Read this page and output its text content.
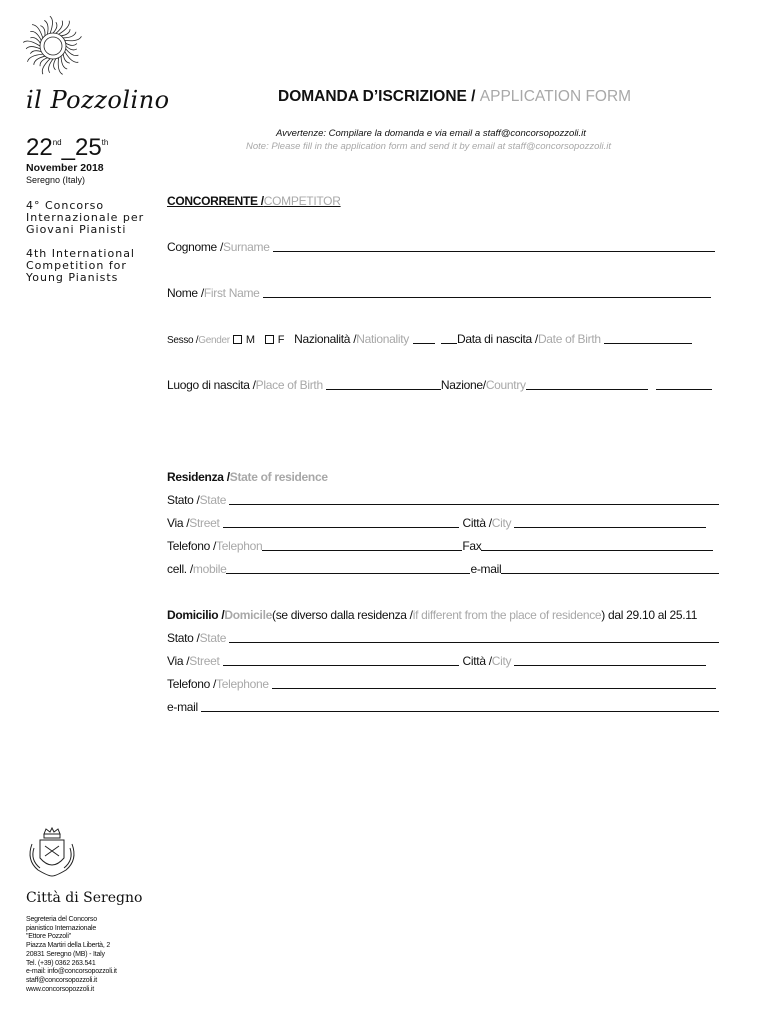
il Pozzolino
22nd_25th
November 2018
Seregno (Italy)
4° Concorso
Internazionale per
Giovani Pianisti
4th International
Competition for
Young Pianists
Città di Seregno
Segreteria del Concorso
pianistico Internazionale
"Ettore Pozzoli"
Piazza Martiri della Libertà, 2
20831 Seregno (MB) - Italy
Tel. (+39) 0362 263.541
e-mail: info@concorsopozzoli.it
staff@concorsopozzoli.it
www.concorsopozzoli.it
DOMANDA D’ISCRIZIONE / APPLICATION FORM
Avvertenze: Compilare la domanda e via email a staff@concorsopozzoli.it
Note: Please fill in the application form and send it by email at staff@concorsopozzoli.it
CONCORRENTE / COMPETITOR
Cognome / Surname
Nome / First Name
Sesso / Gender M F Nazionalità / Nationality	Data di nascita / Date of Birth
Luogo di nascita / Place of Birth	Nazione/ Country
Residenza / State of residence
Stato / State
Via / Street	Città / City
Telefono / Telephon	Fax
cell. / mobile	e-mail
Domicilio / Domicile (se diverso dalla residenza / if different from the place of residence ) dal 29.10 al 25.11
Stato / State
Via / Street	Città / City
Telefono / Telephone
e-mail
